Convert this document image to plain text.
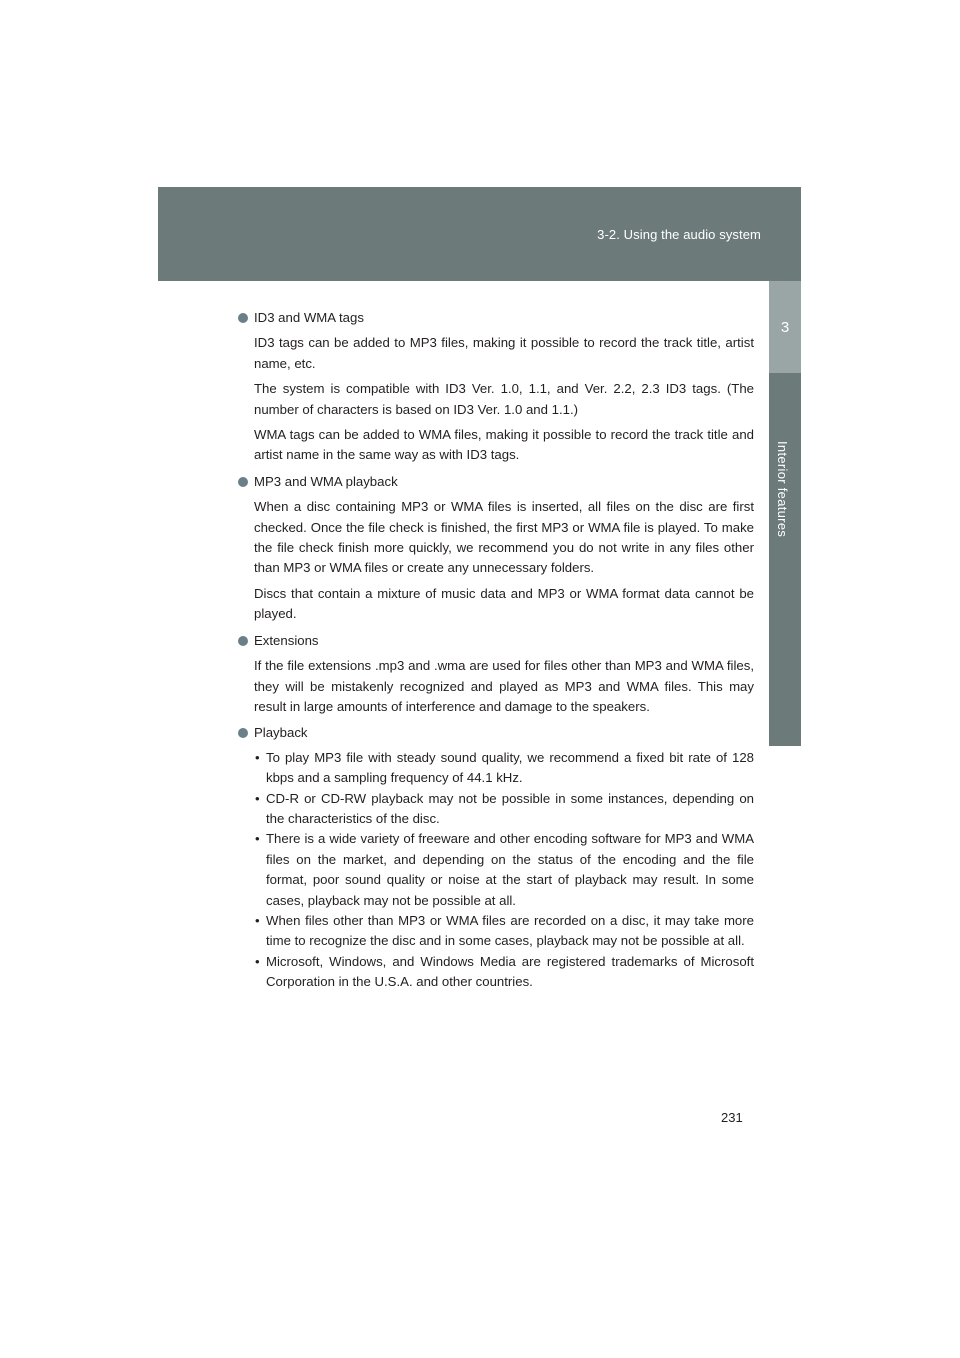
3-2. Using the audio system
3
Interior features
ID3 and WMA tags

ID3 tags can be added to MP3 files, making it possible to record the track title, artist name, etc.

The system is compatible with ID3 Ver. 1.0, 1.1, and Ver. 2.2, 2.3 ID3 tags. (The number of characters is based on ID3 Ver. 1.0 and 1.1.)

WMA tags can be added to WMA files, making it possible to record the track title and artist name in the same way as with ID3 tags.

MP3 and WMA playback

When a disc containing MP3 or WMA files is inserted, all files on the disc are first checked. Once the file check is finished, the first MP3 or WMA file is played. To make the file check finish more quickly, we recommend you do not write in any files other than MP3 or WMA files or create any unnecessary folders.

Discs that contain a mixture of music data and MP3 or WMA format data cannot be played.

Extensions

If the file extensions .mp3 and .wma are used for files other than MP3 and WMA files, they will be mistakenly recognized and played as MP3 and WMA files. This may result in large amounts of interference and damage to the speakers.

Playback
• To play MP3 file with steady sound quality, we recommend a fixed bit rate of 128 kbps and a sampling frequency of 44.1 kHz.
• CD-R or CD-RW playback may not be possible in some instances, depending on the characteristics of the disc.
• There is a wide variety of freeware and other encoding software for MP3 and WMA files on the market, and depending on the status of the encoding and the file format, poor sound quality or noise at the start of playback may result. In some cases, playback may not be possible at all.
• When files other than MP3 or WMA files are recorded on a disc, it may take more time to recognize the disc and in some cases, playback may not be possible at all.
• Microsoft, Windows, and Windows Media are registered trademarks of Microsoft Corporation in the U.S.A. and other countries.
231
